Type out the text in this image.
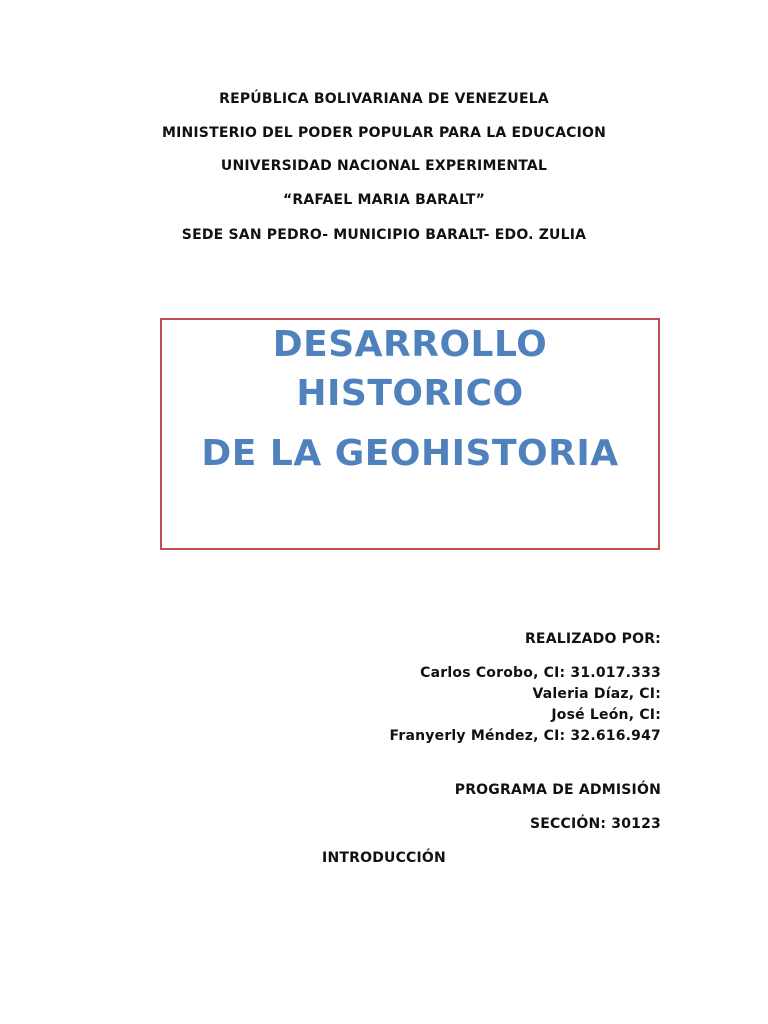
REPÚBLICA BOLIVARIANA DE VENEZUELA
MINISTERIO DEL PODER POPULAR PARA LA EDUCACION
UNIVERSIDAD NACIONAL EXPERIMENTAL
“RAFAEL MARIA BARALT”
SEDE SAN PEDRO- MUNICIPIO BARALT- EDO. ZULIA
DESARROLLO
HISTORICO
DE LA GEOHISTORIA
REALIZADO POR:
Carlos Corobo, CI: 31.017.333
Valeria Díaz, CI:
José León, CI:
Franyerly Méndez, CI: 32.616.947
PROGRAMA DE ADMISIÓN
SECCIÓN: 30123
INTRODUCCIÓN
